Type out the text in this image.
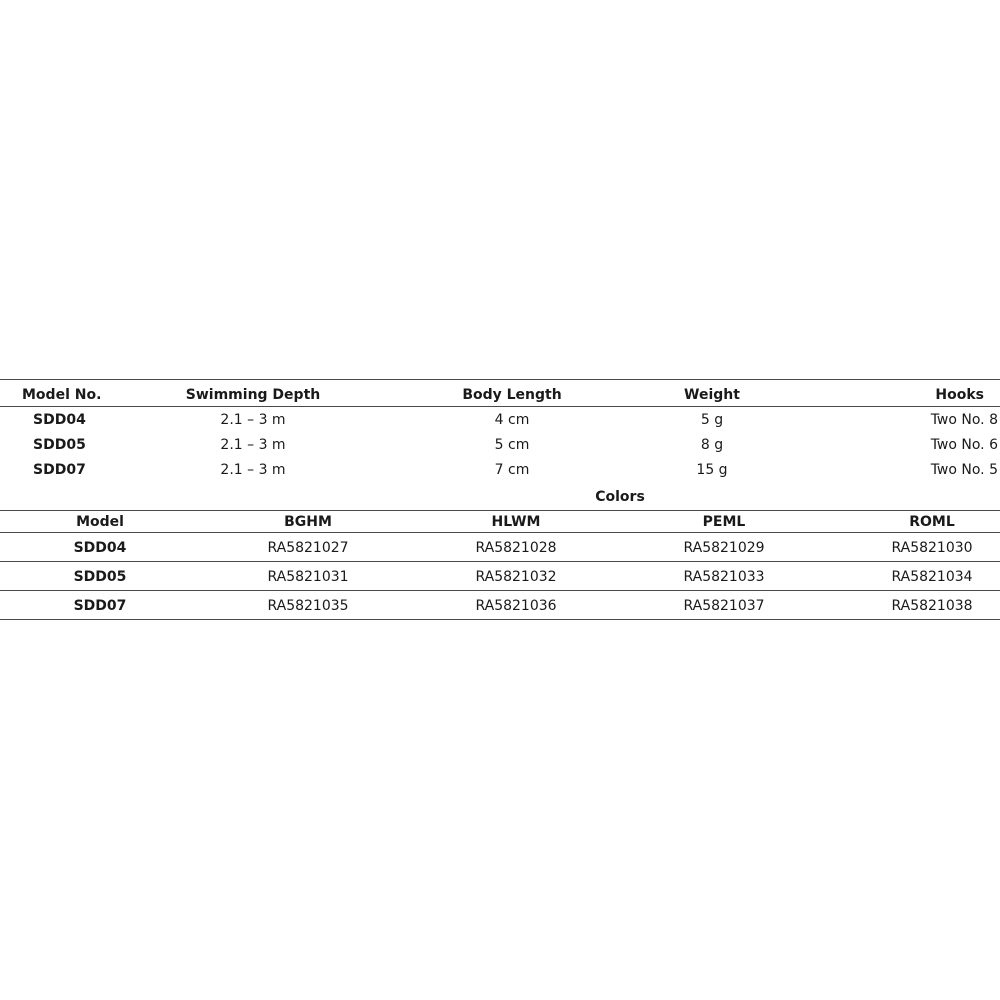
Model No.	Swimming Depth	Body Length	Weight	Hooks
SDD04	2.1 – 3 m	4 cm	5 g	Two No. 8
SDD05	2.1 – 3 m	5 cm	8 g	Two No. 6
SDD07	2.1 – 3 m	7 cm	15 g	Two No. 5
Colors
Model	BGHM	HLWM	PEML	ROML
SDD04	RA5821027	RA5821028	RA5821029	RA5821030
SDD05	RA5821031	RA5821032	RA5821033	RA5821034
SDD07	RA5821035	RA5821036	RA5821037	RA5821038
